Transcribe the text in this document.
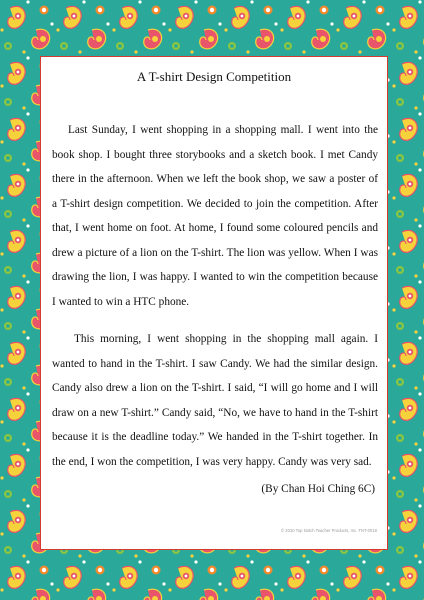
A T-shirt Design Competition

Last Sunday, I went shopping in a shopping mall. I went into the book shop. I bought three storybooks and a sketch book. I met Candy there in the afternoon. When we left the book shop, we saw a poster of a T-shirt design competition. We decided to join the competition. After that, I went home on foot. At home, I found some coloured pencils and drew a picture of a lion on the T-shirt. The lion was yellow. When I was drawing the lion, I was happy. I wanted to win the competition because I wanted to win a HTC phone.

This morning, I went shopping in the shopping mall again. I wanted to hand in the T-shirt. I saw Candy. We had the similar design. Candy also drew a lion on the T-shirt. I said, “I will go home and I will draw on a new T-shirt.” Candy said, “No, we have to hand in the T-shirt because it is the deadline today.” We handed in the T-shirt together. In the end, I won the competition, I was very happy. Candy was very sad.

(By Chan Hoi Ching 6C)
© 2010 Top Notch Teacher Products, Inc. TNT-0018
